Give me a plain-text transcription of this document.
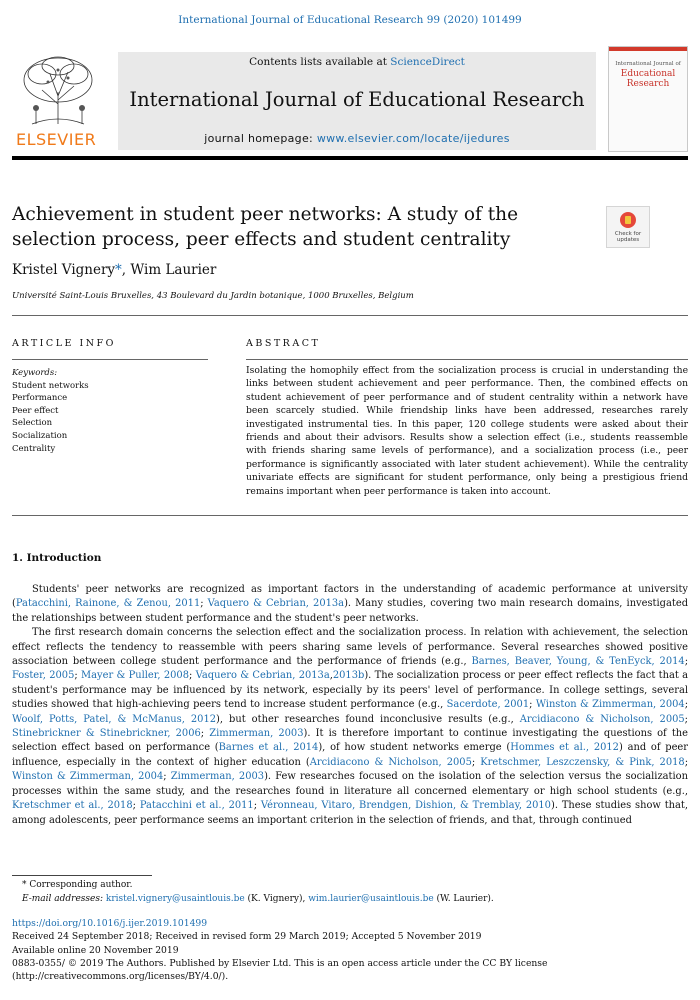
International Journal of Educational Research 99 (2020) 101499
ELSEVIER
Contents lists available at ScienceDirect
International Journal of Educational Research
journal homepage: www.elsevier.com/locate/ijedures
International Journal of
Educational Research
Achievement in student peer networks: A study of the selection process, peer effects and student centrality	Check for updates
Kristel Vignery*, Wim Laurier
Université Saint-Louis Bruxelles, 43 Boulevard du Jardin botanique, 1000 Bruxelles, Belgium
ARTICLE INFO	ABSTRACT
Keywords:
Student networks
Performance
Peer effect
Selection
Socialization
Centrality
Isolating the homophily effect from the socialization process is crucial in understanding the links between student achievement and peer performance. Then, the combined effects on student achievement of peer performance and of student centrality within a network have been scarcely studied. While friendship links have been addressed, researches rarely investigated instrumental ties. In this paper, 120 college students were asked about their friends and about their advisors. Results show a selection effect (i.e., students reassemble with friends sharing same levels of performance), and a socialization process (i.e., peer performance is significantly associated with later student achievement). While the centrality univariate effects are significant for student performance, only being a prestigious friend remains important when peer performance is taken into account.
1. Introduction

Students' peer networks are recognized as important factors in the understanding of academic performance at university (Patacchini, Rainone, & Zenou, 2011; Vaquero & Cebrian, 2013a). Many studies, covering two main research domains, investigated the relationships between student performance and the student's peer networks.

The first research domain concerns the selection effect and the socialization process. In relation with achievement, the selection effect reflects the tendency to reassemble with peers sharing same levels of performance. Several researches showed positive association between college student performance and the performance of friends (e.g., Barnes, Beaver, Young, & TenEyck, 2014; Foster, 2005; Mayer & Puller, 2008; Vaquero & Cebrian, 2013a,2013b). The socialization process or peer effect reflects the fact that a student's performance may be influenced by its network, especially by its peers' level of performance. In college settings, several studies showed that high-achieving peers tend to increase student performance (e.g., Sacerdote, 2001; Winston & Zimmerman, 2004; Woolf, Potts, Patel, & McManus, 2012), but other researches found inconclusive results (e.g., Arcidiacono & Nicholson, 2005; Stinebrickner & Stinebrickner, 2006; Zimmerman, 2003). It is therefore important to continue investigating the questions of the selection effect based on performance (Barnes et al., 2014), of how student networks emerge (Hommes et al., 2012) and of peer influence, especially in the context of higher education (Arcidiacono & Nicholson, 2005; Kretschmer, Leszczensky, & Pink, 2018; Winston & Zimmerman, 2004; Zimmerman, 2003). Few researches focused on the isolation of the selection versus the socialization processes within the same study, and the researches found in literature all concerned elementary or high school students (e.g., Kretschmer et al., 2018; Patacchini et al., 2011; Véronneau, Vitaro, Brendgen, Dishion, & Tremblay, 2010). These studies show that, among adolescents, peer performance seems an important criterion in the selection of friends, and that, through continued

* Corresponding author.
E-mail addresses: kristel.vignery@usaintlouis.be (K. Vignery), wim.laurier@usaintlouis.be (W. Laurier).
https://doi.org/10.1016/j.ijer.2019.101499
Received 24 September 2018; Received in revised form 29 March 2019; Accepted 5 November 2019
Available online 20 November 2019
0883-0355/ © 2019 The Authors. Published by Elsevier Ltd. This is an open access article under the CC BY license
(http://creativecommons.org/licenses/BY/4.0/).
